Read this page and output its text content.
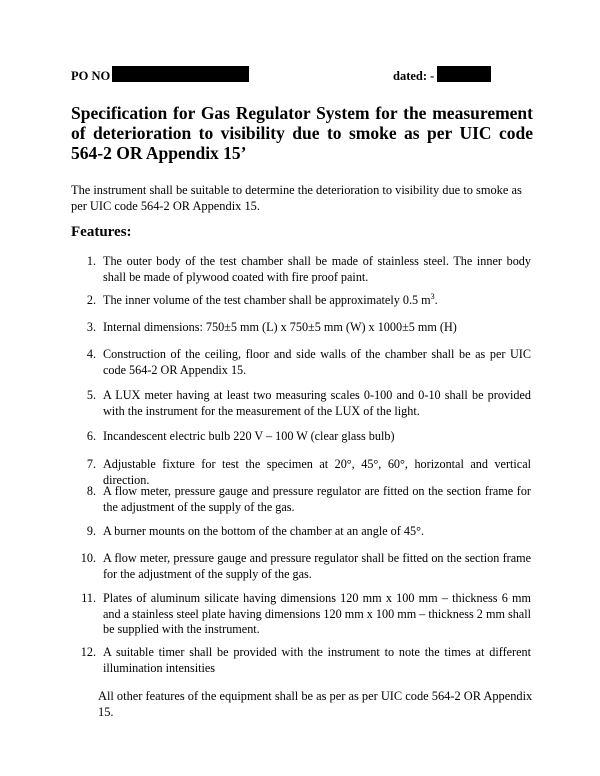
PO NO	dated: -
Specification for Gas Regulator System for the measurement of deterioration to visibility due to smoke as per UIC code 564-2 OR Appendix 15’

The instrument shall be suitable to determine the deterioration to visibility due to smoke as per UIC code 564-2 OR Appendix 15.

Features:
1. The outer body of the test chamber shall be made of stainless steel. The inner body shall be made of plywood coated with fire proof paint.
2. The inner volume of the test chamber shall be approximately 0.5 $m^3$.
3. Internal dimensions: 750±5 mm (L) x 750±5 mm (W) x 1000±5 mm (H)
4. Construction of the ceiling, floor and side walls of the chamber shall be as per UIC code 564-2 OR Appendix 15.
5. A LUX meter having at least two measuring scales 0-100 and 0-10 shall be provided with the instrument for the measurement of the LUX of the light.
6. Incandescent electric bulb 220 V – 100 W (clear glass bulb)
7. Adjustable fixture for test the specimen at 20°, 45°, 60°, horizontal and vertical direction.
8. A flow meter, pressure gauge and pressure regulator are fitted on the section frame for the adjustment of the supply of the gas.
9. A burner mounts on the bottom of the chamber at an angle of 45°.
10. A flow meter, pressure gauge and pressure regulator shall be fitted on the section frame for the adjustment of the supply of the gas.
11. Plates of aluminum silicate having dimensions 120 mm x 100 mm – thickness 6 mm and a stainless steel plate having dimensions 120 mm x 100 mm – thickness 2 mm shall be supplied with the instrument.
12. A suitable timer shall be provided with the instrument to note the times at different illumination intensities

All other features of the equipment shall be as per as per UIC code 564-2 OR Appendix 15.
